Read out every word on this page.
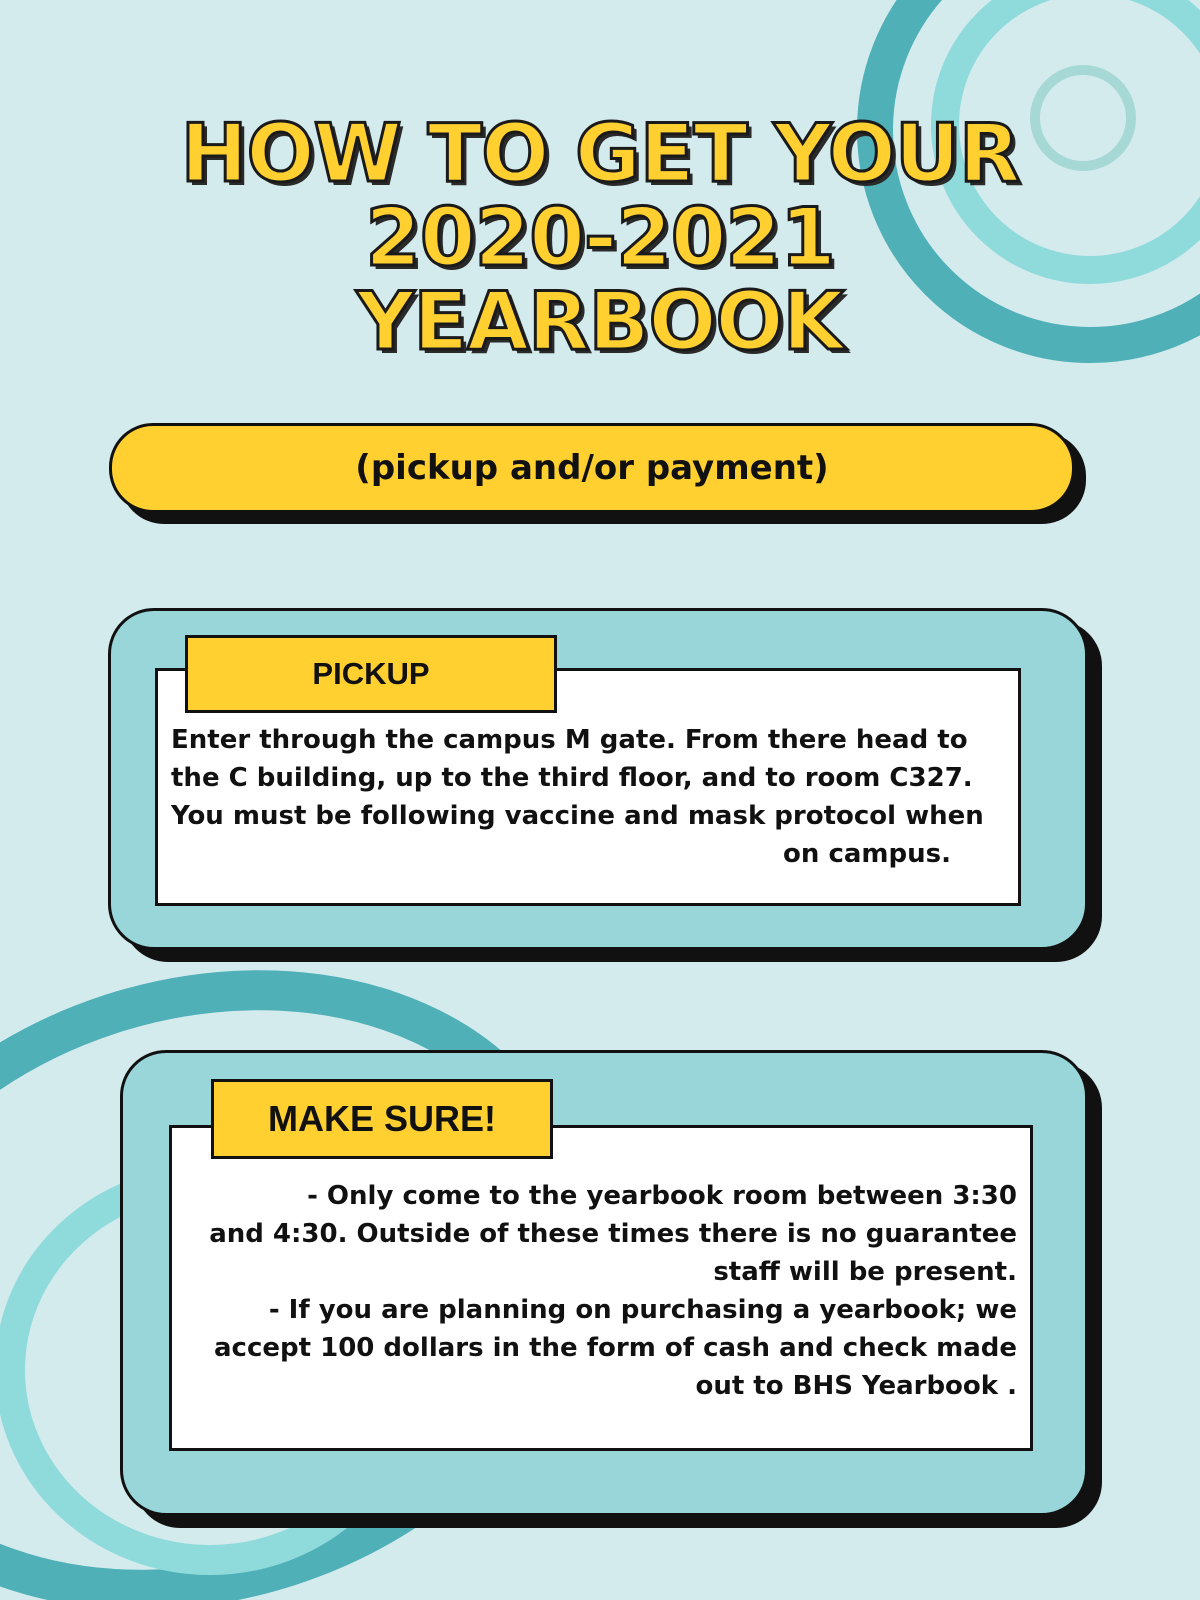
HOW TO GET YOUR
2020-2021
YEARBOOK
(pickup and/or payment)
PICKUP
Enter through the campus M gate. From there head to
the C building, up to the third floor, and to room C327.
You must be following vaccine and mask protocol when
on campus.
MAKE SURE!
- Only come to the yearbook room between 3:30
and 4:30. Outside of these times there is no guarantee
staff will be present.
- If you are planning on purchasing a yearbook; we
accept 100 dollars in the form of cash and check made
out to BHS Yearbook .
